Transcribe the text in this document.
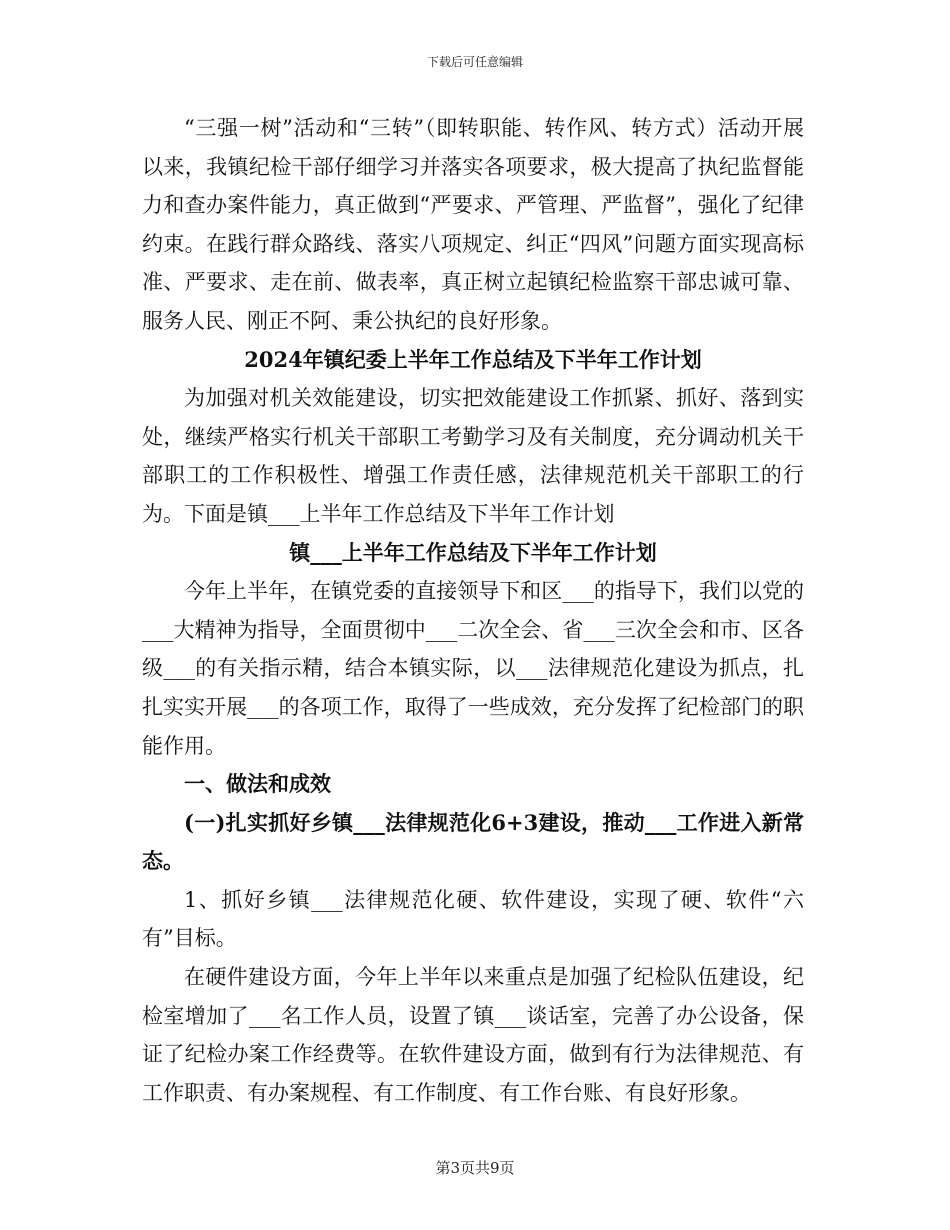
下载后可任意编辑

“三强一树”活动和“三转”（即转职能、转作风、转方式）活动开展以来，我镇纪检干部仔细学习并落实各项要求，极大提高了执纪监督能力和查办案件能力，真正做到“严要求、严管理、严监督”，强化了纪律约束。在践行群众路线、落实八项规定、纠正“四风”问题方面实现高标准、严要求、走在前、做表率，真正树立起镇纪检监察干部忠诚可靠、服务人民、刚正不阿、秉公执纪的良好形象。

2024年镇纪委上半年工作总结及下半年工作计划

为加强对机关效能建设，切实把效能建设工作抓紧、抓好、落到实处，继续严格实行机关干部职工考勤学习及有关制度，充分调动机关干部职工的工作积极性、增强工作责任感，法律规范机关干部职工的行为。下面是镇___上半年工作总结及下半年工作计划

镇___上半年工作总结及下半年工作计划

今年上半年，在镇党委的直接领导下和区___的指导下，我们以党的___大精神为指导，全面贯彻中___二次全会、省___三次全会和市、区各级___的有关指示精，结合本镇实际，以___法律规范化建设为抓点，扎扎实实开展___的各项工作，取得了一些成效，充分发挥了纪检部门的职能作用。

一、做法和成效

(一)扎实抓好乡镇___法律规范化6+3建设，推动___工作进入新常态。

1、抓好乡镇___法律规范化硬、软件建设，实现了硬、软件“六有”目标。

在硬件建设方面，今年上半年以来重点是加强了纪检队伍建设，纪检室增加了___名工作人员，设置了镇___谈话室，完善了办公设备，保证了纪检办案工作经费等。在软件建设方面，做到有行为法律规范、有工作职责、有办案规程、有工作制度、有工作台账、有良好形象。

第3页共9页
